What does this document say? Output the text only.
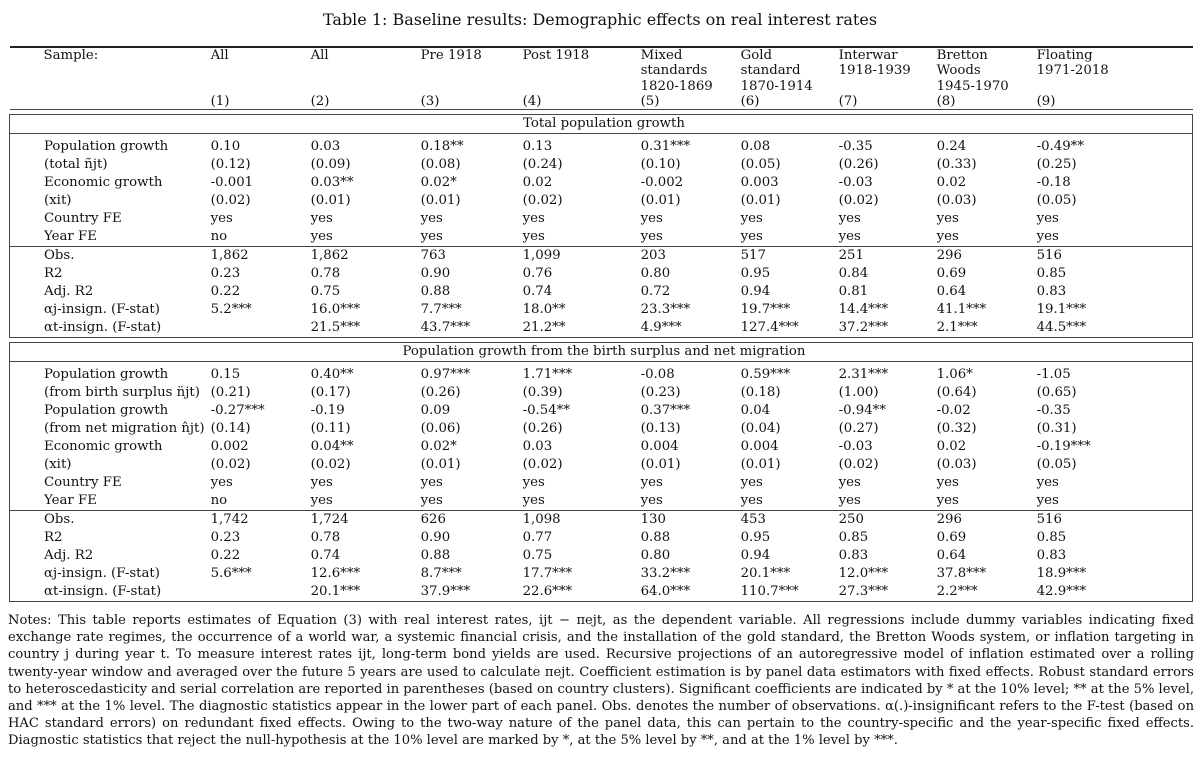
Table 1: Baseline results: Demographic effects on real interest rates
Sample:	All	All	Pre 1918	Post 1918	Mixed	Gold	Interwar	Bretton	Floating
					standards	standard	1918-1939	Woods	1971-2018
					1820-1869	1870-1914		1945-1970	
	(1)	(2)	(3)	(4)	(5)	(6)	(7)	(8)	(9)

Total population growth									

Population growth	0.10	0.03	0.18**	0.13	0.31***	0.08	-0.35	0.24	-0.49**
(total ñjt)	(0.12)	(0.09)	(0.08)	(0.24)	(0.10)	(0.05)	(0.26)	(0.33)	(0.25)
Economic growth	-0.001	0.03**	0.02*	0.02	-0.002	0.003	-0.03	0.02	-0.18
(xit)	(0.02)	(0.01)	(0.01)	(0.02)	(0.01)	(0.01)	(0.02)	(0.03)	(0.05)
Country FE	yes	yes	yes	yes	yes	yes	yes	yes	yes
Year FE	no	yes	yes	yes	yes	yes	yes	yes	yes
Obs.	1,862	1,862	763	1,099	203	517	251	296	516
R2	0.23	0.78	0.90	0.76	0.80	0.95	0.84	0.69	0.85
Adj. R2	0.22	0.75	0.88	0.74	0.72	0.94	0.81	0.64	0.83
αj-insign. (F-stat)	5.2***	16.0***	7.7***	18.0**	23.3***	19.7***	14.4***	41.1***	19.1***
αt-insign. (F-stat)		21.5***	43.7***	21.2**	4.9***	127.4***	37.2***	2.1***	44.5***

Population growth from the birth surplus and net migration									

Population growth	0.15	0.40**	0.97***	1.71***	-0.08	0.59***	2.31***	1.06*	-1.05
(from birth surplus n̈jt)	(0.21)	(0.17)	(0.26)	(0.39)	(0.23)	(0.18)	(1.00)	(0.64)	(0.65)
Population growth	-0.27***	-0.19	0.09	-0.54**	0.37***	0.04	-0.94**	-0.02	-0.35
(from net migration n̂jt)	(0.14)	(0.11)	(0.06)	(0.26)	(0.13)	(0.04)	(0.27)	(0.32)	(0.31)
Economic growth	0.002	0.04**	0.02*	0.03	0.004	0.004	-0.03	0.02	-0.19***
(xit)	(0.02)	(0.02)	(0.01)	(0.02)	(0.01)	(0.01)	(0.02)	(0.03)	(0.05)
Country FE	yes	yes	yes	yes	yes	yes	yes	yes	yes
Year FE	no	yes	yes	yes	yes	yes	yes	yes	yes
Obs.	1,742	1,724	626	1,098	130	453	250	296	516
R2	0.23	0.78	0.90	0.77	0.88	0.95	0.85	0.69	0.85
Adj. R2	0.22	0.74	0.88	0.75	0.80	0.94	0.83	0.64	0.83
αj-insign. (F-stat)	5.6***	12.6***	8.7***	17.7***	33.2***	20.1***	12.0***	37.8***	18.9***
αt-insign. (F-stat)		20.1***	37.9***	22.6***	64.0***	110.7***	27.3***	2.2***	42.9***
Notes: This table reports estimates of Equation (3) with real interest rates, ijt − πejt, as the dependent variable. All regressions include dummy variables indicating fixed exchange rate regimes, the occurrence of a world war, a systemic financial crisis, and the installation of the gold standard, the Bretton Woods system, or inflation targeting in country j during year t. To measure interest rates ijt, long-term bond yields are used. Recursive projections of an autoregressive model of inflation estimated over a rolling twenty-year window and averaged over the future 5 years are used to calculate πejt. Coefficient estimation is by panel data estimators with fixed effects. Robust standard errors to heteroscedasticity and serial correlation are reported in parentheses (based on country clusters). Significant coefficients are indicated by * at the 10% level; ** at the 5% level, and *** at the 1% level. The diagnostic statistics appear in the lower part of each panel. Obs. denotes the number of observations. α(.)-insignificant refers to the F-test (based on HAC standard errors) on redundant fixed effects. Owing to the two-way nature of the panel data, this can pertain to the country-specific and the year-specific fixed effects. Diagnostic statistics that reject the null-hypothesis at the 10% level are marked by *, at the 5% level by **, and at the 1% level by ***.
